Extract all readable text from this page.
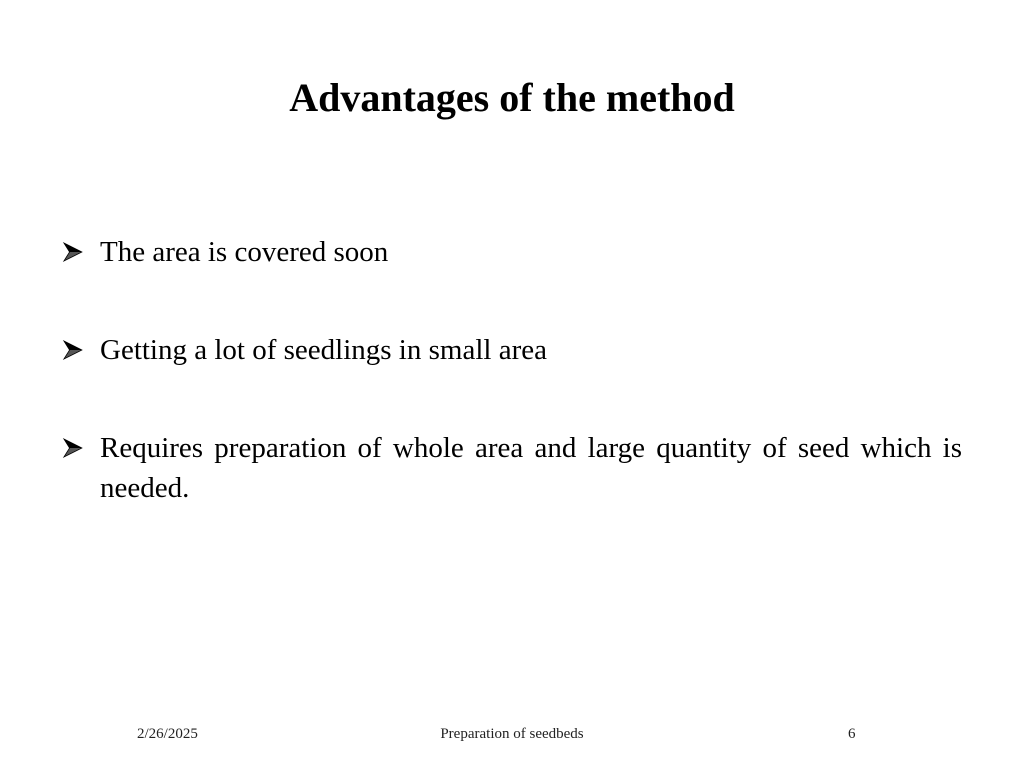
Advantages of the method
The area is covered soon
Getting a lot of seedlings in small area
Requires preparation of whole area and large quantity of seed which is needed.
2/26/2025	Preparation of seedbeds	6
